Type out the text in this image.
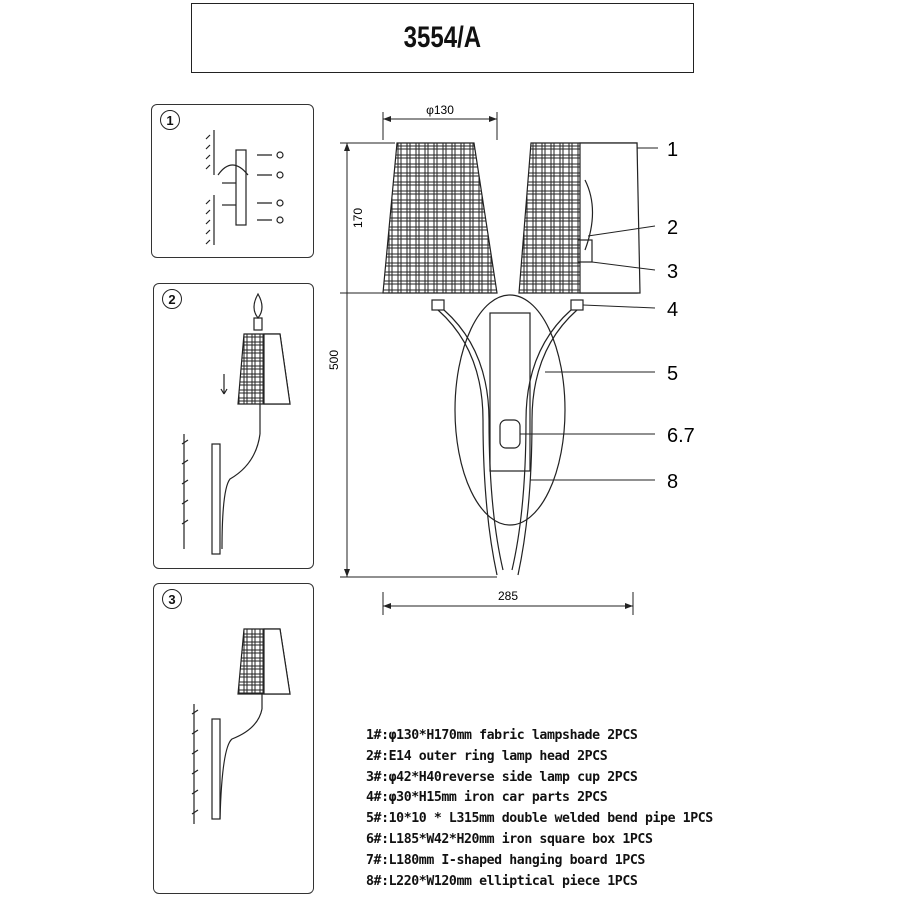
3554/A
1
2
3
φ130
170
500
285
1
2
3
4
5
6.7
8
1#:φ130*H170mm fabric lampshade 2PCS
2#:E14 outer ring lamp head 2PCS
3#:φ42*H40reverse side lamp cup 2PCS
4#:φ30*H15mm iron car parts 2PCS
5#:10*10 * L315mm double welded bend pipe 1PCS
6#:L185*W42*H20mm iron square box 1PCS
7#:L180mm I-shaped hanging board 1PCS
8#:L220*W120mm elliptical piece 1PCS
